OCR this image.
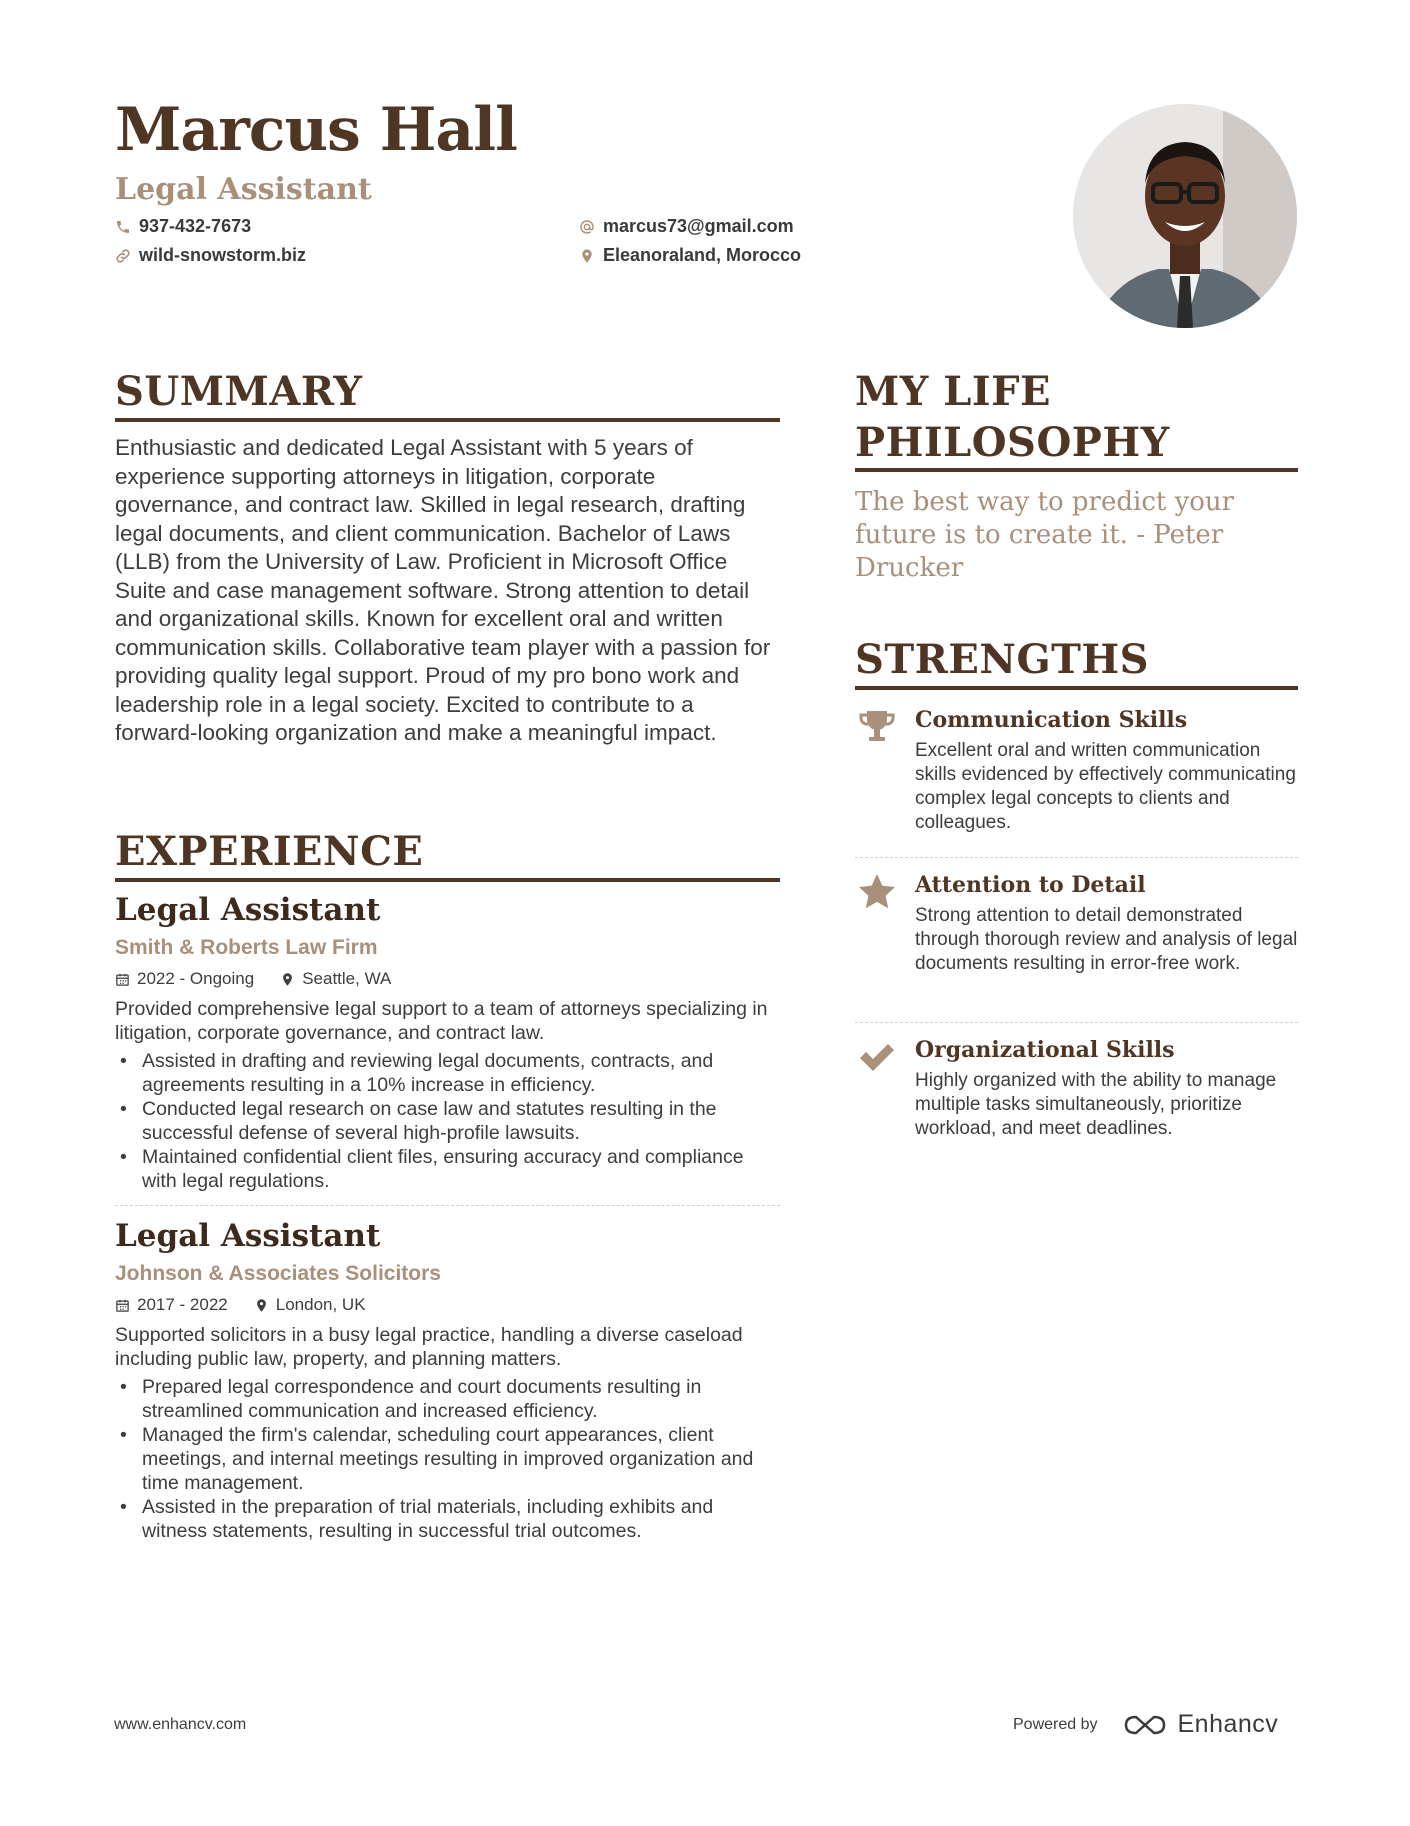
Marcus Hall
Legal Assistant
937-432-7673
wild-snowstorm.biz
marcus73@gmail.com
Eleanoraland, Morocco
SUMMARY

Enthusiastic and dedicated Legal Assistant with 5 years of experience supporting attorneys in litigation, corporate governance, and contract law. Skilled in legal research, drafting legal documents, and client communication. Bachelor of Laws (LLB) from the University of Law. Proficient in Microsoft Office Suite and case management software. Strong attention to detail and organizational skills. Known for excellent oral and written communication skills. Collaborative team player with a passion for providing quality legal support. Proud of my pro bono work and leadership role in a legal society. Excited to contribute to a forward-looking organization and make a meaningful impact.

EXPERIENCE
Legal Assistant
Smith & Roberts Law Firm
2022 - Ongoing	Seattle, WA
Provided comprehensive legal support to a team of attorneys specializing in litigation, corporate governance, and contract law.
• Assisted in drafting and reviewing legal documents, contracts, and agreements resulting in a 10% increase in efficiency.
• Conducted legal research on case law and statutes resulting in the successful defense of several high-profile lawsuits.
• Maintained confidential client files, ensuring accuracy and compliance with legal regulations.
Legal Assistant
Johnson & Associates Solicitors
2017 - 2022	London, UK
Supported solicitors in a busy legal practice, handling a diverse caseload including public law, property, and planning matters.
• Prepared legal correspondence and court documents resulting in streamlined communication and increased efficiency.
• Managed the firm's calendar, scheduling court appearances, client meetings, and internal meetings resulting in improved organization and time management.
• Assisted in the preparation of trial materials, including exhibits and witness statements, resulting in successful trial outcomes.
MY LIFE PHILOSOPHY
The best way to predict your future is to create it. - Peter Drucker
STRENGTHS
Communication Skills
Excellent oral and written communication skills evidenced by effectively communicating complex legal concepts to clients and colleagues.
Attention to Detail
Strong attention to detail demonstrated through thorough review and analysis of legal documents resulting in error-free work.
Organizational Skills
Highly organized with the ability to manage multiple tasks simultaneously, prioritize workload, and meet deadlines.
www.enhancv.com	Powered by	Enhancv
